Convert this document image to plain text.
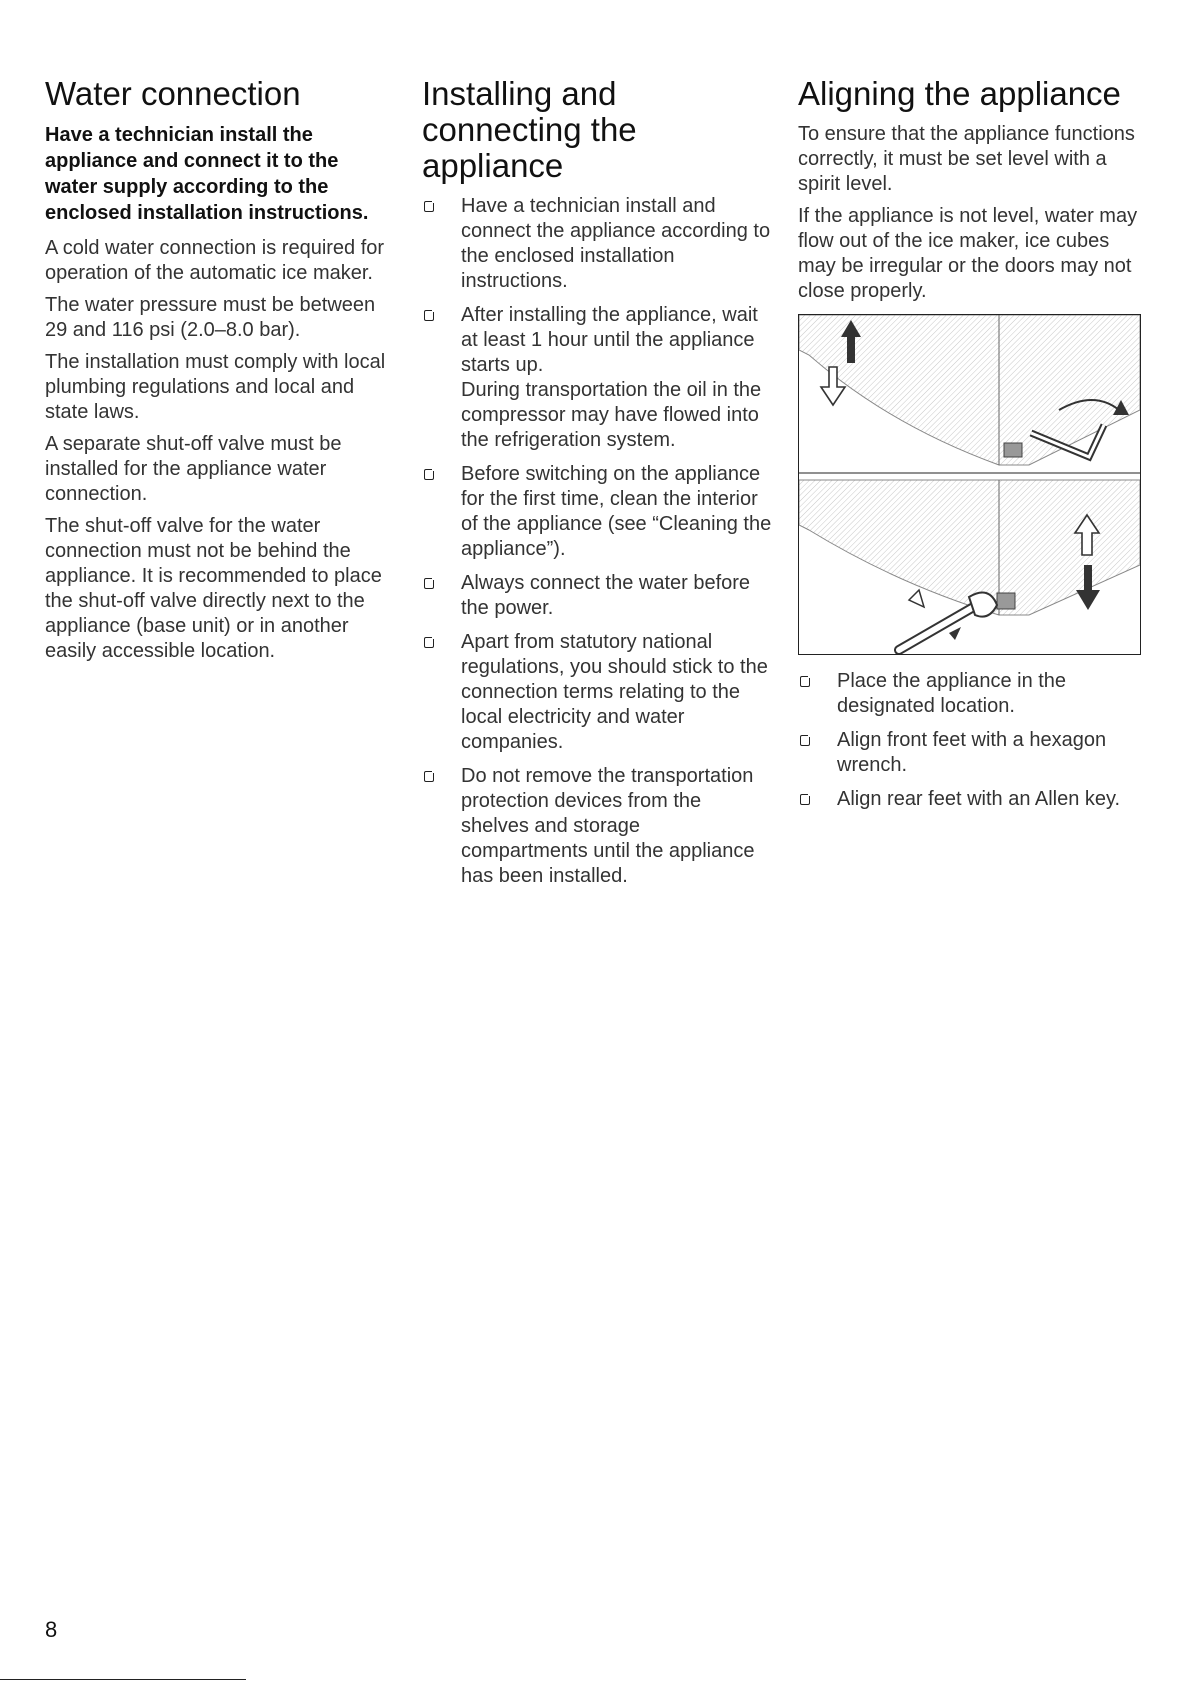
Water connection

Have a technician install the appliance and connect it to the water supply according to the enclosed installation instructions.

A cold water connection is required for operation of the automatic ice maker.

The water pressure must be between 29 and 116 psi (2.0–8.0 bar).

The installation must comply with local plumbing regulations and local and state laws.

A separate shut-off valve must be installed for the appliance water connection.

The shut-off valve for the water connection must not be behind the appliance. It is recommended to place the shut-off valve directly next to the appliance (base unit) or in another easily accessible location.

Installing and connecting the appliance
Have a technician install and connect the appliance according to the enclosed installation instructions.
After installing the appliance, wait at least 1 hour until the appliance starts up.
During transportation the oil in the compressor may have flowed into the refrigeration system.
Before switching on the appliance for the first time, clean the interior of the appliance (see “Cleaning the appliance”).
Always connect the water before the power.
Apart from statutory national regulations, you should stick to the connection terms relating to the local electricity and water companies.
Do not remove the transportation protection devices from the shelves and storage compartments until the appliance has been installed.
Aligning the appliance

To ensure that the appliance functions correctly, it must be set level with a spirit level.

If the appliance is not level, water may flow out of the ice maker, ice cubes may be irregular or the doors may not close properly.

Place the appliance in the designated location.
Align front feet with a hexagon wrench.
Align rear feet with an Allen key.
8
